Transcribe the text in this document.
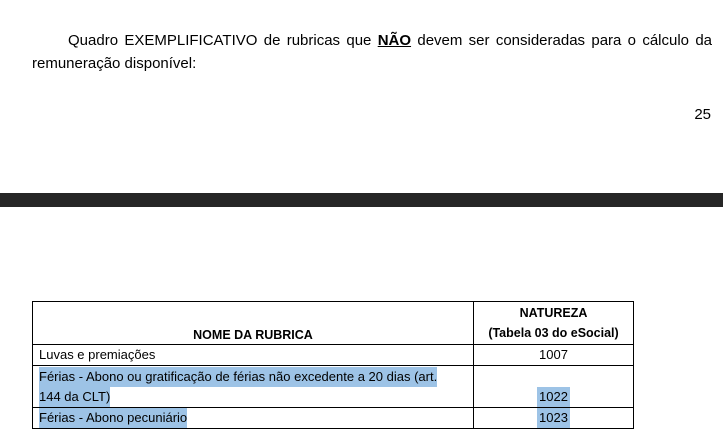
Quadro EXEMPLIFICATIVO de rubricas que NÃO devem ser consideradas para o cálculo da remuneração disponível:

25
NOME DA RUBRICA	NATUREZA
(Tabela 03 do eSocial)

Luvas e premiações	1007
Férias - Abono ou gratificação de férias não excedente a 20 dias (art.
144 da CLT)	1022
Férias - Abono pecuniário	1023
